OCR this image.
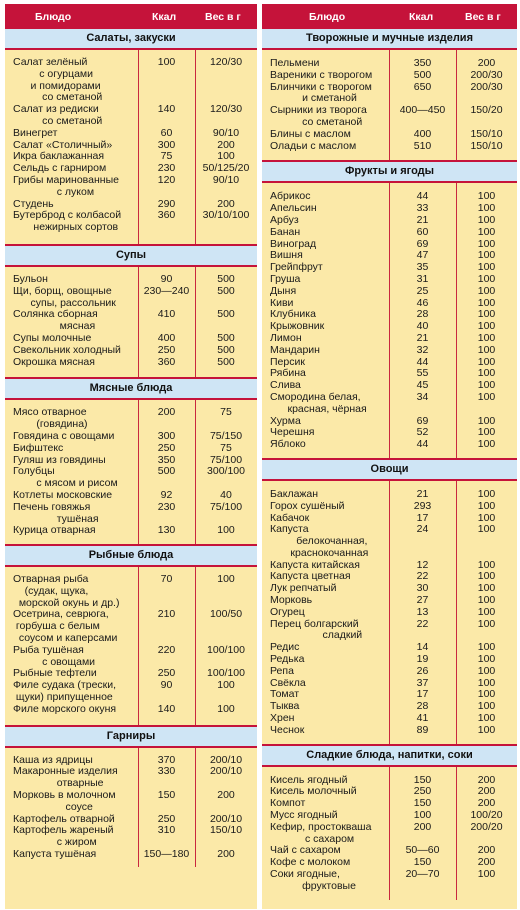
Блюдо	Ккал	Вес в г
Салаты, закуски
Салат зелёный
с огурцами
и помидорами
со сметаной
100	120/30
Салат из редиски
со сметаной
140	120/30
Винегрет	60	90/10
Салат «Столичный»	300	200
Икра баклажанная	75	100
Сельдь с гарниром	230	50/125/20
Грибы маринованные
с луком
120	90/10
Студень	290	200
Бутерброд с колбасой
нежирных сортов
360	30/10/100
Супы
Бульон	90	500
Щи, борщ, овощные
супы, рассольник
230—240	500
Солянка сборная
мясная
410	500
Супы молочные	400	500
Свекольник холодный	250	500
Окрошка мясная	360	500
Мясные блюда
Мясо отварное
(говядина)
200	75
Говядина с овощами	300	75/150
Бифштекс	250	75
Гуляш из говядины	350	75/100
Голубцы
с мясом и рисом
500	300/100
Котлеты московские	92	40
Печень говяжья
тушёная
230	75/100
Курица отварная	130	100
Рыбные блюда
Отварная рыба
(судак, щука,
морской окунь и др.)
70	100
Осетрина, севрюга,
горбуша с белым
соусом и каперсами
210	100/50
Рыба тушёная
с овощами
220	100/100
Рыбные тефтели	250	100/100
Филе судака (трески,
щуки) припущенное
90	100
Филе морского окуня	140	100
Гарниры
Каша из ядрицы	370	200/10
Макаронные изделия
отварные
330	200/10
Морковь в молочном
соусе
150	200
Картофель отварной	250	200/10
Картофель жареный
с жиром
310	150/10
Капуста тушёная	150—180	200
Блюдо	Ккал	Вес в г
Творожные и мучные изделия
Пельмени	350	200
Вареники с творогом	500	200/30
Блинчики с творогом
и сметаной
650	200/30
Сырники из творога
со сметаной
400—450	150/20
Блины с маслом	400	150/10
Оладьи с маслом	510	150/10
Фрукты и ягоды
Абрикос	44	100
Апельсин	33	100
Арбуз	21	100
Банан	60	100
Виноград	69	100
Вишня	47	100
Грейпфрут	35	100
Груша	31	100
Дыня	25	100
Киви	46	100
Клубника	28	100
Крыжовник	40	100
Лимон	21	100
Мандарин	32	100
Персик	44	100
Рябина	55	100
Слива	45	100
Смородина белая,
красная, чёрная
34	100
Хурма	69	100
Черешня	52	100
Яблоко	44	100
Овощи
Баклажан	21	100
Горох сушёный	293	100
Кабачок	17	100
Капуста
белокочанная,
краснокочанная
24	100
Капуста китайская	12	100
Капуста цветная	22	100
Лук репчатый	30	100
Морковь	27	100
Огурец	13	100
Перец болгарский
сладкий
22	100
Редис	14	100
Редька	19	100
Репа	26	100
Свёкла	37	100
Томат	17	100
Тыква	28	100
Хрен	41	100
Чеснок	89	100
Сладкие блюда, напитки, соки
Кисель ягодный	150	200
Кисель молочный	250	200
Компот	150	200
Мусс ягодный	100	100/20
Кефир, простокваша
с сахаром
200	200/20
Чай с сахаром	50—60	200
Кофе с молоком	150	200
Соки ягодные,
фруктовые
20—70	100
